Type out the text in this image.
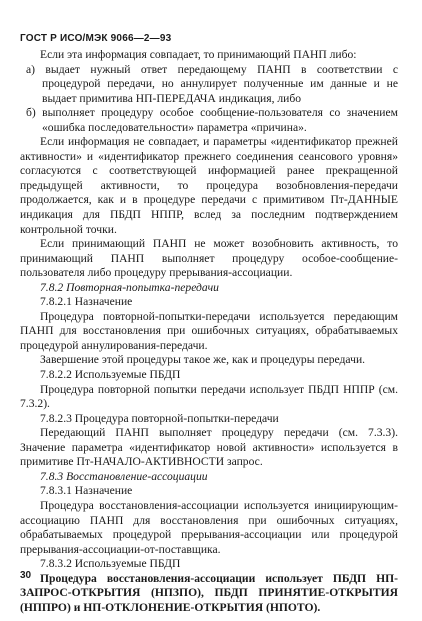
ГОСТ Р ИСО/МЭК 9066—2—93

Если эта информация совпадает, то принимающий ПАНП либо:

а) выдает нужный ответ передающему ПАНП в соответствии с процедурой передачи, но аннулирует полученные им данные и не выдает примитива НП-ПЕРЕДАЧА индикация, либо

б) выполняет процедуру особое сообщение-пользователя со значением «ошибка последовательности» параметра «причина».

Если информация не совпадает, и параметры «идентификатор прежней активности» и «идентификатор прежнего соединения сеансового уровня» согласуются с соответствующей информацией ранее прекращенной предыдущей активности, то процедура возобновления-передачи продолжается, как и в процедуре передачи с примитивом Пт-ДАННЫЕ индикация для ПБДП НППР, вслед за последним подтверждением контрольной точки.

Если принимающий ПАНП не может возобновить активность, то принимающий ПАНП выполняет процедуру особое-сообщение-пользователя либо процедуру прерывания-ассоциации.

7.8.2 Повторная-попытка-передачи

7.8.2.1 Назначение

Процедура повторной-попытки-передачи используется передающим ПАНП для восстановления при ошибочных ситуациях, обрабатываемых процедурой аннулирования-передачи.

Завершение этой процедуры такое же, как и процедуры передачи.

7.8.2.2 Используемые ПБДП

Процедура повторной попытки передачи использует ПБДП НППР (см. 7.3.2).

7.8.2.3 Процедура повторной-попытки-передачи

Передающий ПАНП выполняет процедуру передачи (см. 7.3.3). Значение параметра «идентификатор новой активности» используется в примитиве Пт-НАЧАЛО-АКТИВНОСТИ запрос.

7.8.3 Восстановление-ассоциации

7.8.3.1 Назначение

Процедура восстановления-ассоциации используется инициирующим-ассоциацию ПАНП для восстановления при ошибочных ситуациях, обрабатываемых процедурой прерывания-ассоциации или процедурой прерывания-ассоциации-от-поставщика.

7.8.3.2 Используемые ПБДП

Процедура восстановления-ассоциации использует ПБДП НП-ЗАПРОС-ОТКРЫТИЯ (НПЗПО), ПБДП ПРИНЯТИЕ-ОТКРЫТИЯ (НППРО) и НП-ОТКЛОНЕНИЕ-ОТКРЫТИЯ (НПОТО).

30
